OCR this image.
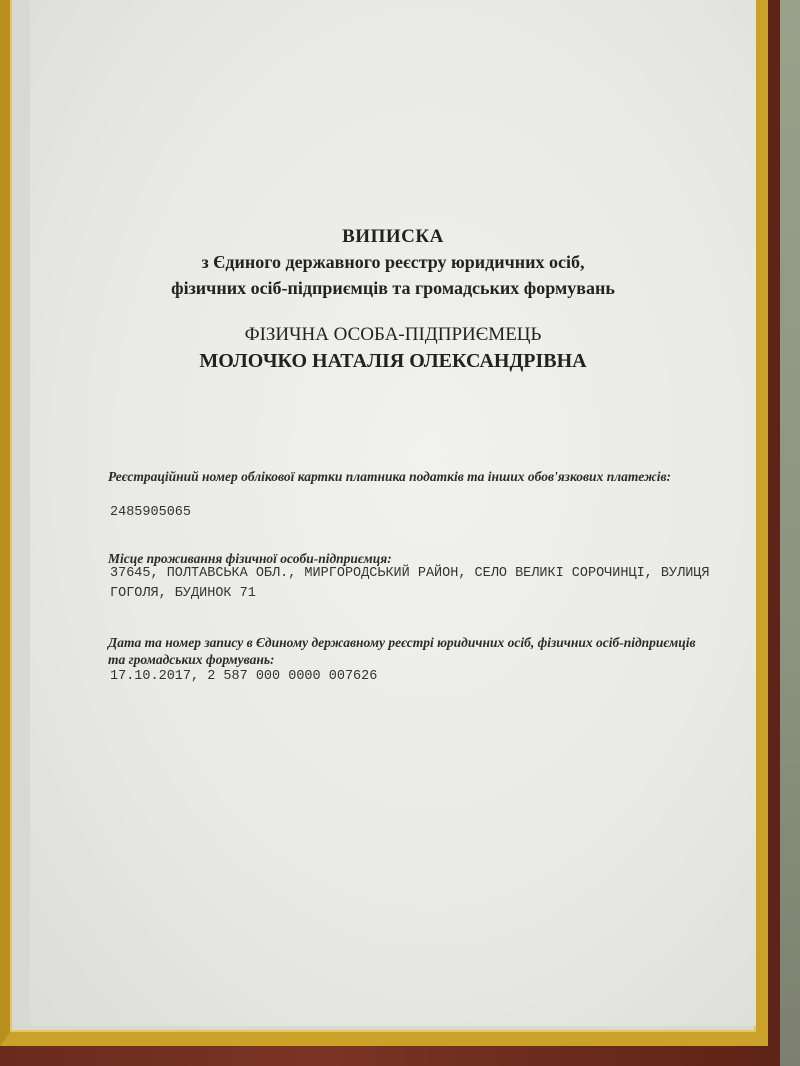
ВИПИСКА
з Єдиного державного реєстру юридичних осіб,
фізичних осіб-підприємців та громадських формувань
ФІЗИЧНА ОСОБА-ПІДПРИЄМЕЦЬ
МОЛОЧКО НАТАЛІЯ ОЛЕКСАНДРІВНА
Реєстраційний номер облікової картки платника податків та інших обов'язкових платежів:
2485905065
Місце проживання фізичної особи-підприємця:
37645, ПОЛТАВСЬКА ОБЛ., МИРГОРОДСЬКИЙ РАЙОН, СЕЛО ВЕЛИКІ СОРОЧИНЦІ, ВУЛИЦЯ ГОГОЛЯ, БУДИНОК 71
Дата та номер запису в Єдиному державному реєстрі юридичних осіб, фізичних осіб-підприємців та громадських формувань:
17.10.2017, 2 587 000 0000 007626
